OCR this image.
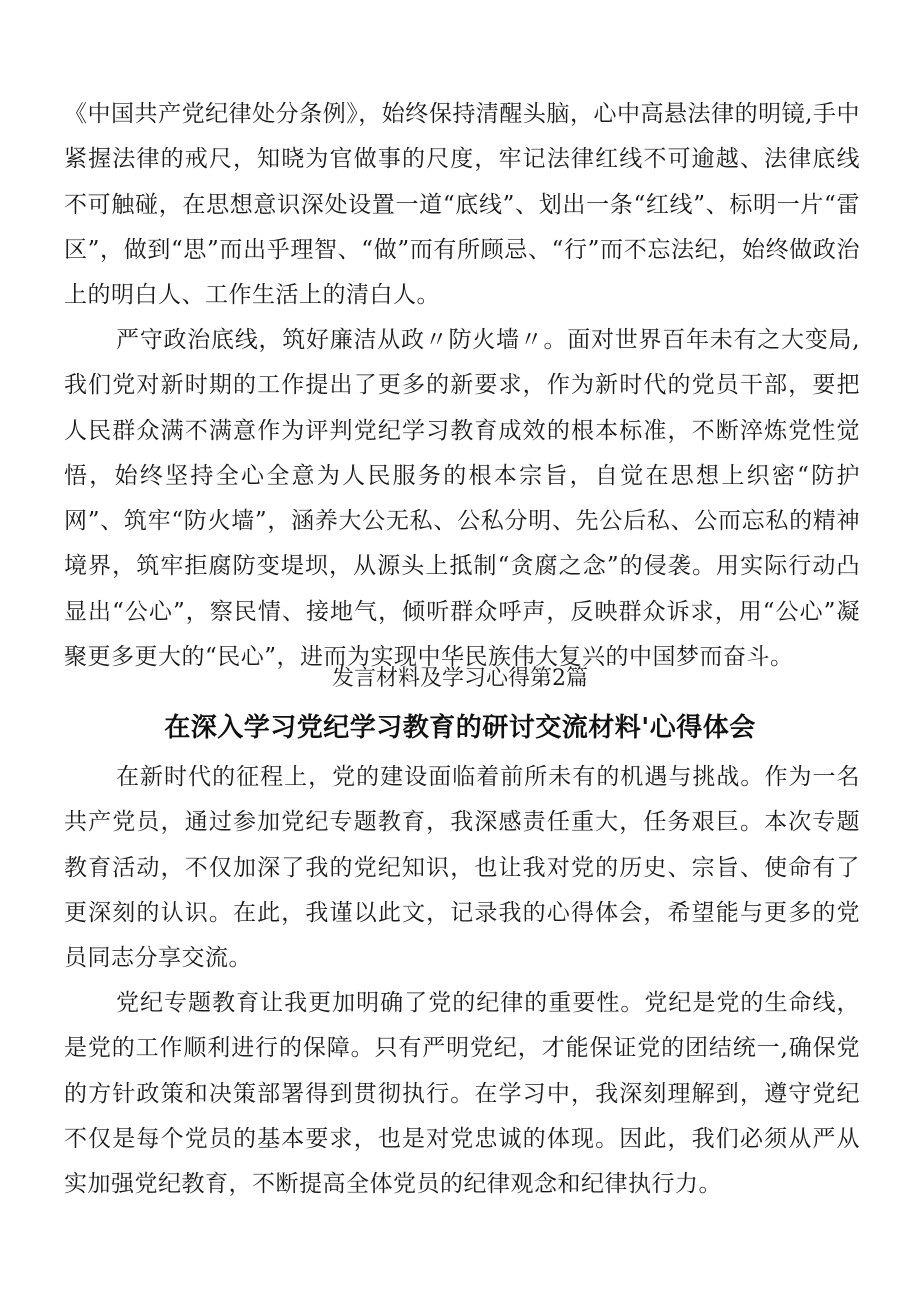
《中国共产党纪律处分条例》，始终保持清醒头脑，心中高悬法律的明镜,手中紧握法律的戒尺，知晓为官做事的尺度，牢记法律红线不可逾越、法律底线不可触碰，在思想意识深处设置一道“底线”、划出一条“红线”、标明一片“雷区”，做到“思”而出乎理智、“做”而有所顾忌、“行”而不忘法纪，始终做政治上的明白人、工作生活上的清白人。

严守政治底线，筑好廉洁从政〃防火墙〃。面对世界百年未有之大变局,我们党对新时期的工作提出了更多的新要求，作为新时代的党员干部，要把人民群众满不满意作为评判党纪学习教育成效的根本标准，不断淬炼党性觉悟，始终坚持全心全意为人民服务的根本宗旨，自觉在思想上织密“防护网”、筑牢“防火墙”，涵养大公无私、公私分明、先公后私、公而忘私的精神境界，筑牢拒腐防变堤坝，从源头上抵制“贪腐之念”的侵袭。用实际行动凸显出“公心”，察民情、接地气，倾听群众呼声，反映群众诉求，用“公心”凝聚更多更大的“民心”，进而为实现中华民族伟大复兴的中国梦而奋斗。

发言材料及学习心得第2篇

在深入学习党纪学习教育的研讨交流材料'心得体会

在新时代的征程上，党的建设面临着前所未有的机遇与挑战。作为一名共产党员，通过参加党纪专题教育，我深感责任重大，任务艰巨。本次专题教育活动，不仅加深了我的党纪知识，也让我对党的历史、宗旨、使命有了更深刻的认识。在此，我谨以此文，记录我的心得体会，希望能与更多的党员同志分享交流。

党纪专题教育让我更加明确了党的纪律的重要性。党纪是党的生命线，是党的工作顺利进行的保障。只有严明党纪，才能保证党的团结统一,确保党的方针政策和决策部署得到贯彻执行。在学习中，我深刻理解到，遵守党纪不仅是每个党员的基本要求，也是对党忠诚的体现。因此，我们必须从严从实加强党纪教育，不断提高全体党员的纪律观念和纪律执行力。
